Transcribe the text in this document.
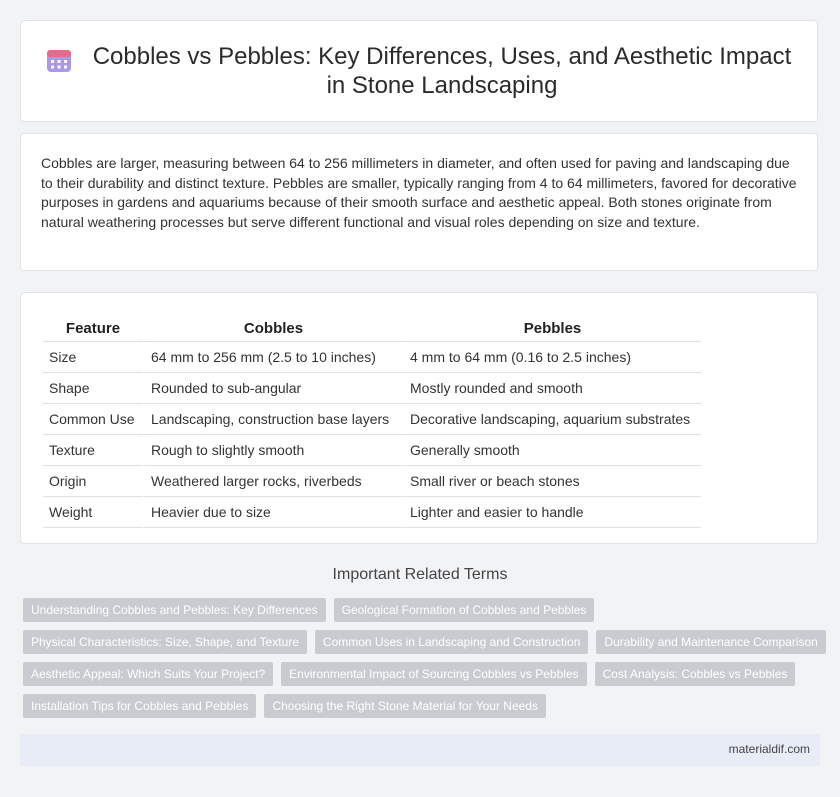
Cobbles vs Pebbles: Key Differences, Uses, and Aesthetic Impact in Stone Landscaping

Cobbles are larger, measuring between 64 to 256 millimeters in diameter, and often used for paving and landscaping due to their durability and distinct texture. Pebbles are smaller, typically ranging from 4 to 64 millimeters, favored for decorative purposes in gardens and aquariums because of their smooth surface and aesthetic appeal. Both stones originate from natural weathering processes but serve different functional and visual roles depending on size and texture.

Feature	Cobbles	Pebbles
Size	64 mm to 256 mm (2.5 to 10 inches)	4 mm to 64 mm (0.16 to 2.5 inches)
Shape	Rounded to sub-angular	Mostly rounded and smooth
Common Use	Landscaping, construction base layers	Decorative landscaping, aquarium substrates
Texture	Rough to slightly smooth	Generally smooth
Origin	Weathered larger rocks, riverbeds	Small river or beach stones
Weight	Heavier due to size	Lighter and easier to handle
Important Related Terms
Understanding Cobbles and Pebbles: Key Differences	Geological Formation of Cobbles and Pebbles
Physical Characteristics: Size, Shape, and Texture	Common Uses in Landscaping and Construction	Durability and Maintenance Comparison
Aesthetic Appeal: Which Suits Your Project?	Environmental Impact of Sourcing Cobbles vs Pebbles	Cost Analysis: Cobbles vs Pebbles
Installation Tips for Cobbles and Pebbles	Choosing the Right Stone Material for Your Needs
materialdif.com
